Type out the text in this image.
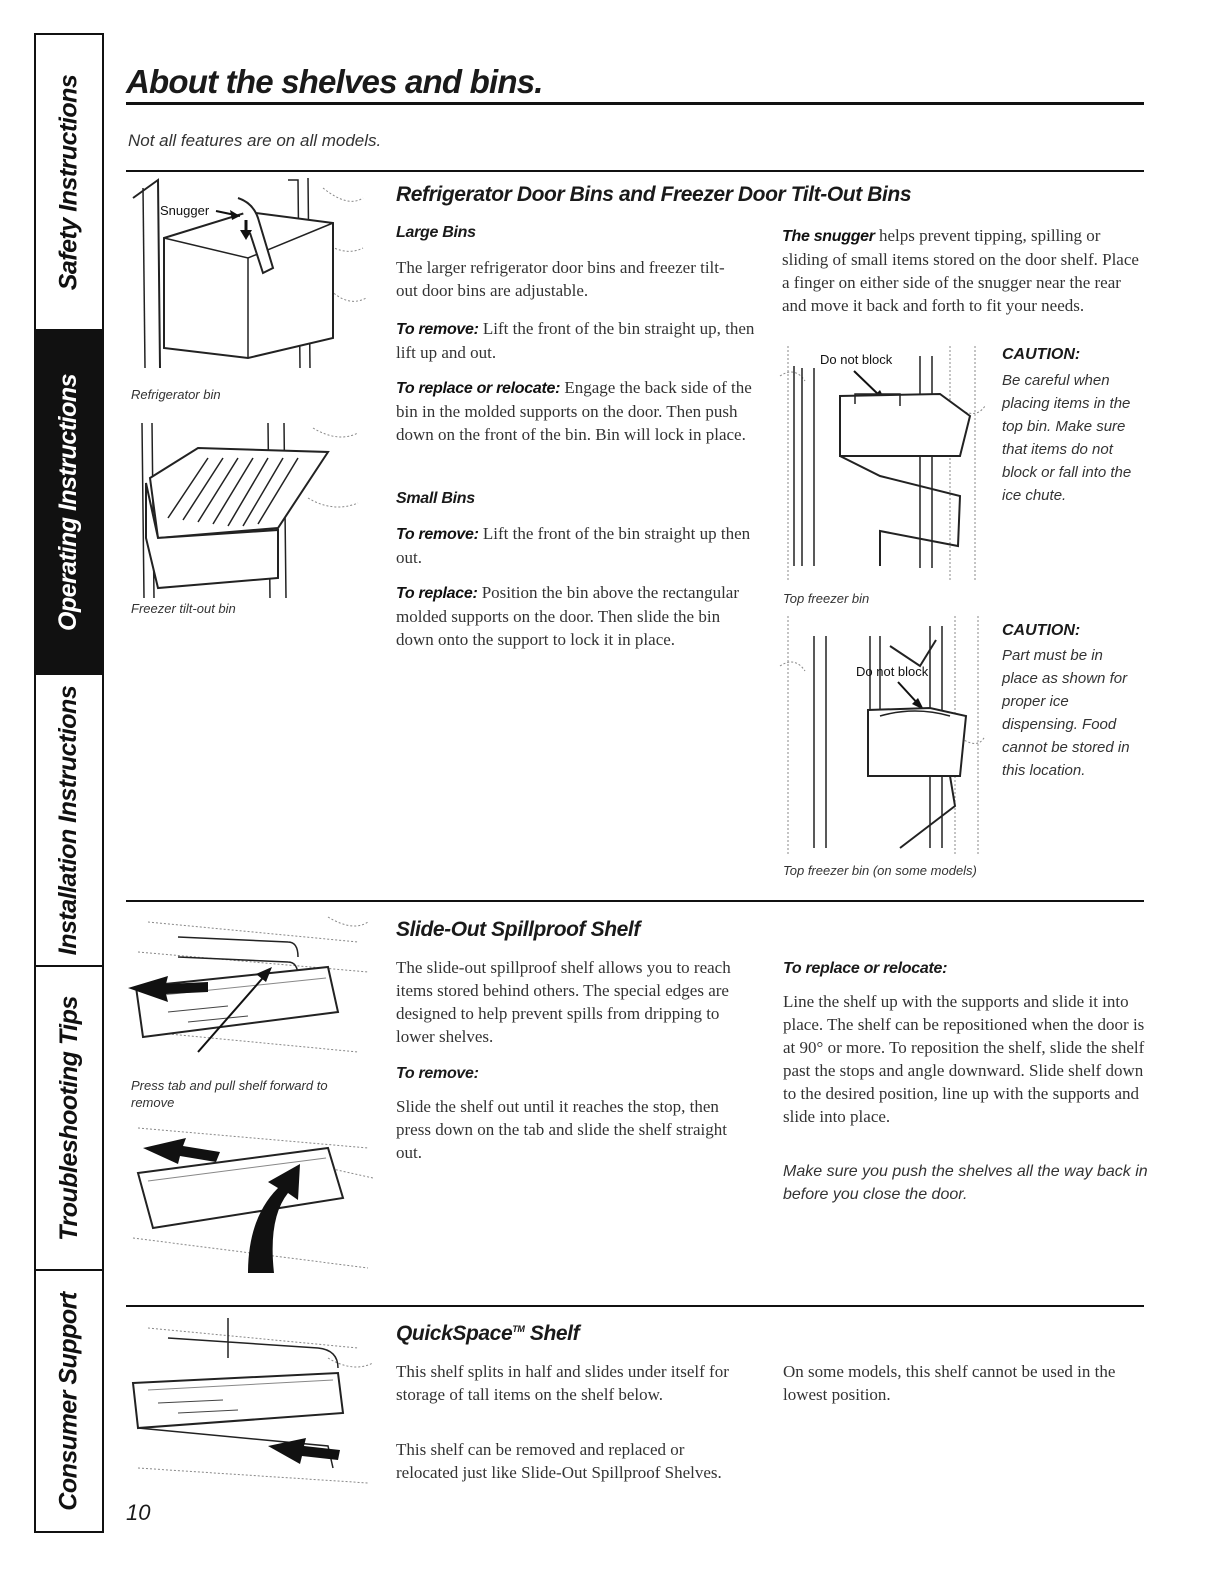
Safety Instructions
Operating Instructions
Installation Instructions
Troubleshooting Tips
Consumer Support
About the shelves and bins.
Not all features are on all models.
Snugger
Refrigerator bin
Freezer tilt-out bin
Refrigerator Door Bins and Freezer Door Tilt-Out Bins
Large Bins

The larger refrigerator door bins and freezer tilt-out door bins are adjustable.

To remove: Lift the front of the bin straight up, then lift up and out.

To replace or relocate: Engage the back side of the bin in the molded supports on the door. Then push down on the front of the bin. Bin will lock in place.

Small Bins

To remove: Lift the front of the bin straight up then out.

To replace: Position the bin above the rectangular molded supports on the door. Then slide the bin down onto the support to lock it in place.

The snugger helps prevent tipping, spilling or sliding of small items stored on the door shelf. Place a finger on either side of the snugger near the rear and move it back and forth to fit your needs.

Do not block	CAUTION:

Be careful when placing items in the top bin. Make sure that items do not block or fall into the ice chute.

Top freezer bin
Do not block
CAUTION:

Part must be in place as shown for proper ice dispensing. Food cannot be stored in this location.

Top freezer bin (on some models)
Press tab and pull shelf forward to remove
Slide-Out Spillproof Shelf

The slide-out spillproof shelf allows you to reach items stored behind others. The special edges are designed to help prevent spills from dripping to lower shelves.

To remove:

Slide the shelf out until it reaches the stop, then press down on the tab and slide the shelf straight out.

To replace or relocate:

Line the shelf up with the supports and slide it into place. The shelf can be repositioned when the door is at 90° or more. To reposition the shelf, slide the shelf past the stops and angle downward. Slide shelf down to the desired position, line up with the supports and slide into place.

Make sure you push the shelves all the way back in before you close the door.

QuickSpace™ Shelf

This shelf splits in half and slides under itself for storage of tall items on the shelf below.

This shelf can be removed and replaced or relocated just like Slide-Out Spillproof Shelves.

On some models, this shelf cannot be used in the lowest position.

10
